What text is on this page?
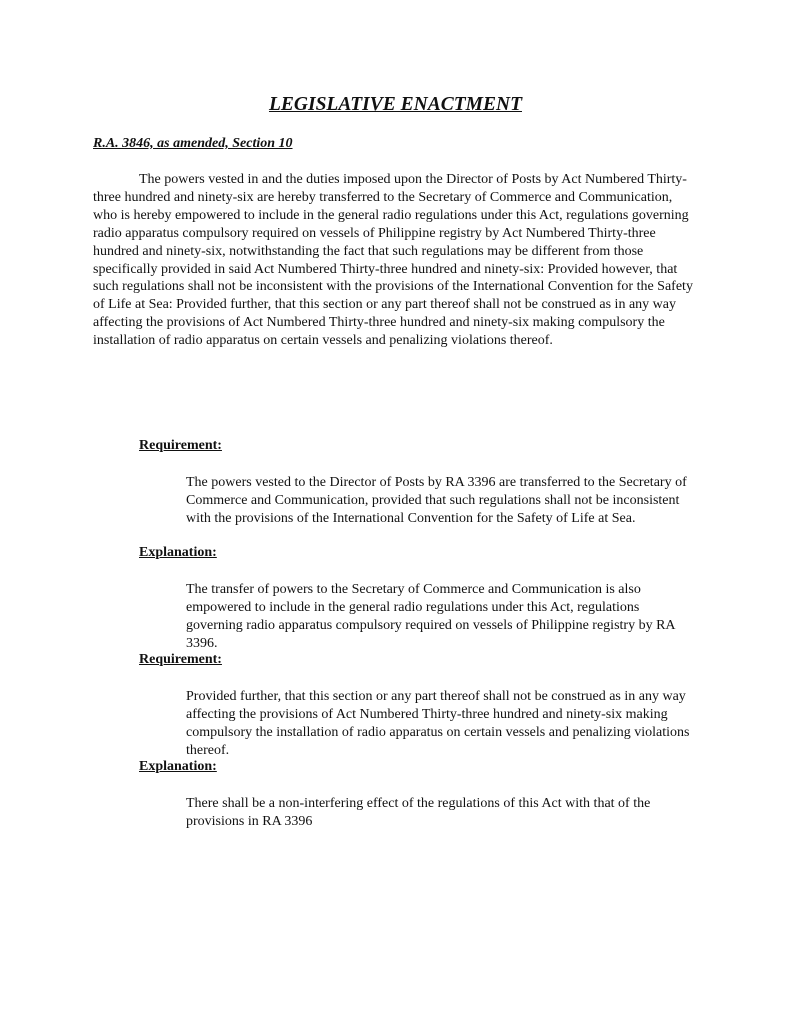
LEGISLATIVE ENACTMENT
R.A. 3846, as amended, Section 10

The powers vested in and the duties imposed upon the Director of Posts by Act Numbered Thirty-three hundred and ninety-six are hereby transferred to the Secretary of Commerce and Communication, who is hereby empowered to include in the general radio regulations under this Act, regulations governing radio apparatus compulsory required on vessels of Philippine registry by Act Numbered Thirty-three hundred and ninety-six, notwithstanding the fact that such regulations may be different from those specifically provided in said Act Numbered Thirty-three hundred and ninety-six: Provided however, that such regulations shall not be inconsistent with the provisions of the International Convention for the Safety of Life at Sea: Provided further, that this section or any part thereof shall not be construed as in any way affecting the provisions of Act Numbered Thirty-three hundred and ninety-six making compulsory the installation of radio apparatus on certain vessels and penalizing violations thereof.

Requirement:

The powers vested to the Director of Posts by RA 3396 are transferred to the Secretary of Commerce and Communication, provided that such regulations shall not be inconsistent with the provisions of the International Convention for the Safety of Life at Sea.

Explanation:

The transfer of powers to the Secretary of Commerce and Communication is also empowered to include in the general radio regulations under this Act, regulations governing radio apparatus compulsory required on vessels of Philippine registry by RA 3396.

Requirement:

Provided further, that this section or any part thereof shall not be construed as in any way affecting the provisions of Act Numbered Thirty-three hundred and ninety-six making compulsory the installation of radio apparatus on certain vessels and penalizing violations thereof.

Explanation:

There shall be a non-interfering effect of the regulations of this Act with that of the provisions in RA 3396
